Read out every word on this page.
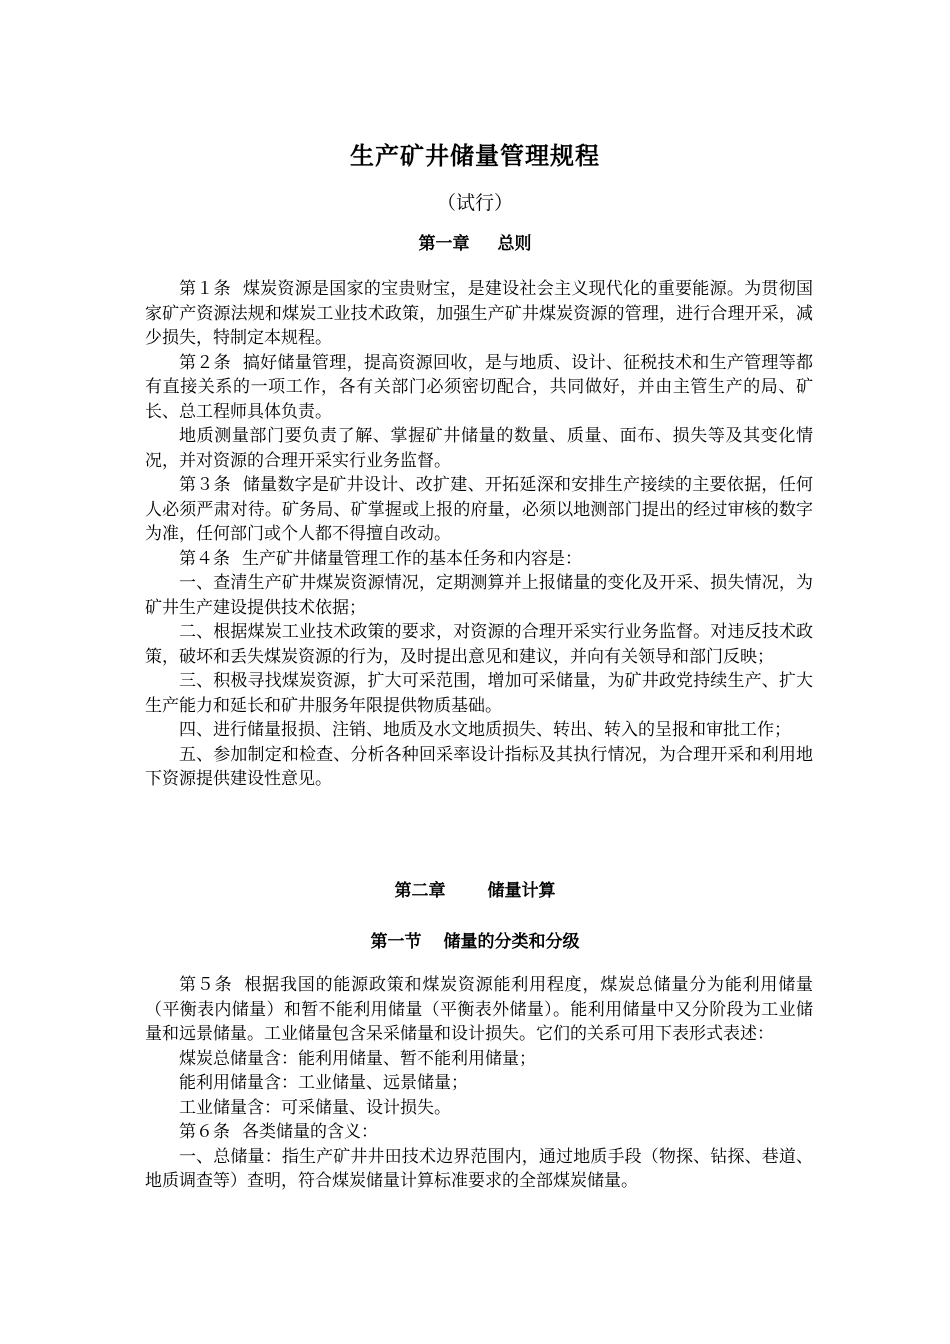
生产矿井储量管理规程
（试行）
第一章 总则

第１条 煤炭资源是国家的宝贵财宝，是建设社会主义现代化的重要能源。为贯彻国家矿产资源法规和煤炭工业技术政策，加强生产矿井煤炭资源的管理，进行合理开采，减少损失，特制定本规程。

第２条 搞好储量管理，提高资源回收，是与地质、设计、征税技术和生产管理等都有直接关系的一项工作，各有关部门必须密切配合，共同做好，并由主管生产的局、矿长、总工程师具体负责。

地质测量部门要负责了解、掌握矿井储量的数量、质量、面布、损失等及其变化情况，并对资源的合理开采实行业务监督。

第３条 储量数字是矿井设计、改扩建、开拓延深和安排生产接续的主要依据，任何人必须严肃对待。矿务局、矿掌握或上报的府量，必须以地测部门提出的经过审核的数字为准，任何部门或个人都不得擅自改动。

第４条 生产矿井储量管理工作的基本任务和内容是：

一、查清生产矿井煤炭资源情况，定期测算并上报储量的变化及开采、损失情况，为矿井生产建设提供技术依据；

二、根据煤炭工业技术政策的要求，对资源的合理开采实行业务监督。对违反技术政策，破坏和丢失煤炭资源的行为，及时提出意见和建议，并向有关领导和部门反映；

三、积极寻找煤炭资源，扩大可采范围，增加可采储量，为矿井政党持续生产、扩大生产能力和延长和矿井服务年限提供物质基础。

四、进行储量报损、注销、地质及水文地质损失、转出、转入的呈报和审批工作；

五、参加制定和检查、分析各种回采率设计指标及其执行情况，为合理开采和利用地下资源提供建设性意见。

第二章 储量计算
第一节 储量的分类和分级

第５条 根据我国的能源政策和煤炭资源能利用程度，煤炭总储量分为能利用储量（平衡表内储量）和暂不能利用储量（平衡表外储量）。能利用储量中又分阶段为工业储量和远景储量。工业储量包含呆采储量和设计损失。它们的关系可用下表形式表述：

煤炭总储量含：能利用储量、暂不能利用储量；

能利用储量含：工业储量、远景储量；

工业储量含：可采储量、设计损失。

第６条 各类储量的含义：

一、总储量：指生产矿井井田技术边界范围内，通过地质手段（物探、钻探、巷道、地质调查等）查明，符合煤炭储量计算标准要求的全部煤炭储量。
